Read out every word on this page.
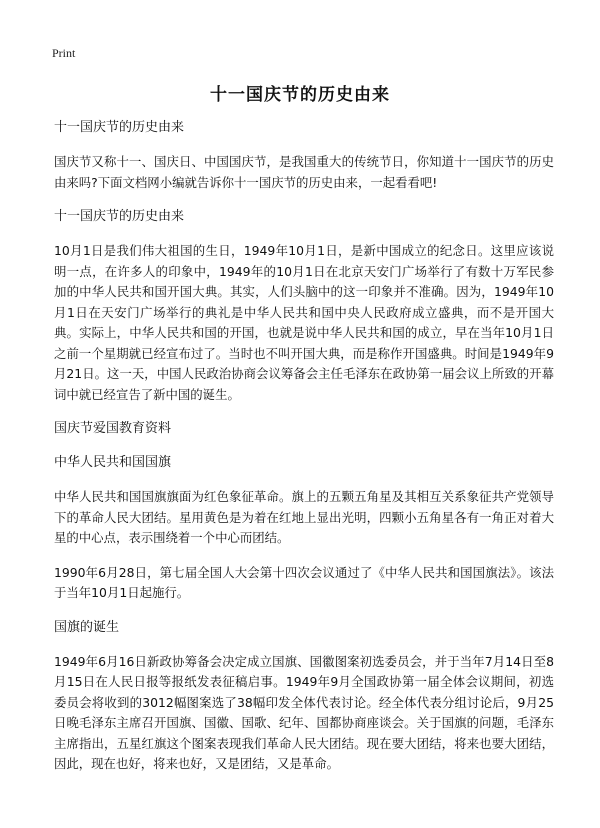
Print
十一国庆节的历史由来

十一国庆节的历史由来

国庆节又称十一、国庆日、中国国庆节，是我国重大的传统节日，你知道十一国庆节的历史由来吗?下面文档网小编就告诉你十一国庆节的历史由来，一起看看吧!

十一国庆节的历史由来

10月1日是我们伟大祖国的生日，1949年10月1日，是新中国成立的纪念日。这里应该说明一点，在许多人的印象中，1949年的10月1日在北京天安门广场举行了有数十万军民参加的中华人民共和国开国大典。其实，人们头脑中的这一印象并不准确。因为，1949年10月1日在天安门广场举行的典礼是中华人民共和国中央人民政府成立盛典，而不是开国大典。实际上，中华人民共和国的开国，也就是说中华人民共和国的成立，早在当年10月1日之前一个星期就已经宣布过了。当时也不叫开国大典，而是称作开国盛典。时间是1949年9月21日。这一天，中国人民政治协商会议筹备会主任毛泽东在政协第一届会议上所致的开幕词中就已经宣告了新中国的诞生。

国庆节爱国教育资料

中华人民共和国国旗

中华人民共和国国旗旗面为红色象征革命。旗上的五颗五角星及其相互关系象征共产党领导下的革命人民大团结。星用黄色是为着在红地上显出光明，四颗小五角星各有一角正对着大星的中心点，表示围绕着一个中心而团结。

1990年6月28日，第七届全国人大会第十四次会议通过了《中华人民共和国国旗法》。该法于当年10月1日起施行。

国旗的诞生

1949年6月16日新政协筹备会决定成立国旗、国徽图案初选委员会，并于当年7月14日至8月15日在人民日报等报纸发表征稿启事。1949年9月全国政协第一届全体会议期间，初选委员会将收到的3012幅图案选了38幅印发全体代表讨论。经全体代表分组讨论后，9月25日晚毛泽东主席召开国旗、国徽、国歌、纪年、国都协商座谈会。关于国旗的问题，毛泽东主席指出，五星红旗这个图案表现我们革命人民大团结。现在要大团结，将来也要大团结，因此，现在也好，将来也好，又是团结，又是革命。
